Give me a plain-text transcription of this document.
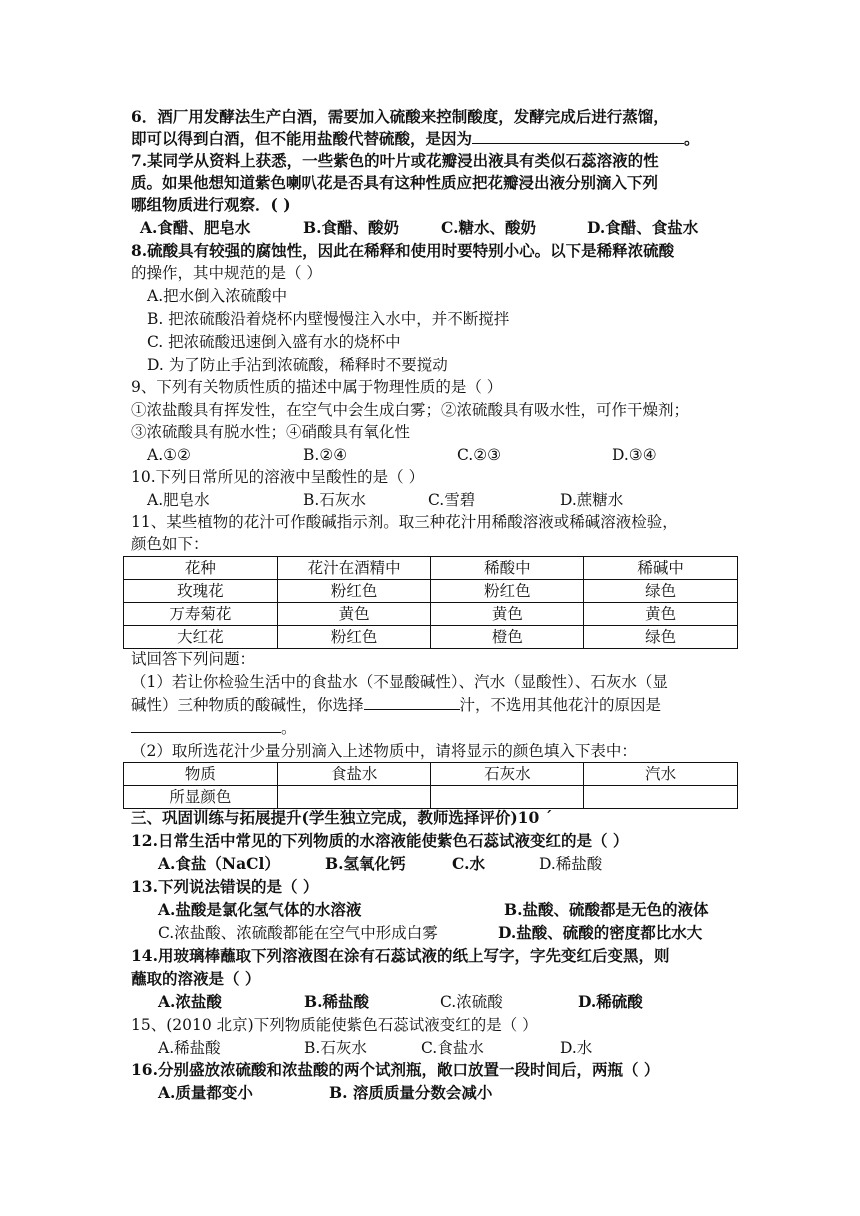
6．酒厂用发酵法生产白酒，需要加入硫酸来控制酸度，发酵完成后进行蒸馏，
即可以得到白酒，但不能用盐酸代替硫酸，是因为	。
7.某同学从资料上获悉，一些紫色的叶片或花瓣浸出液具有类似石蕊溶液的性
质。如果他想知道紫色喇叭花是否具有这种性质应把花瓣浸出液分别滴入下列
哪组物质进行观察．( )
A.食醋、肥皂水	B.食醋、酸奶	C.糖水、酸奶	D.食醋、食盐水
8.硫酸具有较强的腐蚀性，因此在稀释和使用时要特别小心。以下是稀释浓硫酸
的操作，其中规范的是（ ）
A.把水倒入浓硫酸中
B. 把浓硫酸沿着烧杯内壁慢慢注入水中，并不断搅拌
C. 把浓硫酸迅速倒入盛有水的烧杯中
D. 为了防止手沾到浓硫酸，稀释时不要搅动
9、下列有关物质性质的描述中属于物理性质的是（ ）
①浓盐酸具有挥发性，在空气中会生成白雾；②浓硫酸具有吸水性，可作干燥剂；
③浓硫酸具有脱水性；④硝酸具有氧化性
A.①②	B.②④	C.②③	D.③④
10.下列日常所见的溶液中呈酸性的是（ ）
A.肥皂水	B.石灰水	C.雪碧	D.蔗糖水
11、某些植物的花汁可作酸碱指示剂。取三种花汁用稀酸溶液或稀碱溶液检验，
颜色如下：
花种	花汁在酒精中	稀酸中	稀碱中
玫瑰花	粉红色	粉红色	绿色
万寿菊花	黄色	黄色	黄色
大红花	粉红色	橙色	绿色
试回答下列问题：
（1）若让你检验生活中的食盐水（不显酸碱性）、汽水（显酸性）、石灰水（显
碱性）三种物质的酸碱性，你选择	汁，不选用其他花汁的原因是
。
（2）取所选花汁少量分别滴入上述物质中，请将显示的颜色填入下表中：
物质	食盐水	石灰水	汽水
所显颜色			
三、巩固训练与拓展提升(学生独立完成，教师选择评价)10 ´
12.日常生活中常见的下列物质的水溶液能使紫色石蕊试液变红的是（ ）
A.食盐（NaCl）	B.氢氧化钙	C.水	D.稀盐酸
13.下列说法错误的是（ ）
A.盐酸是氯化氢气体的水溶液	B.盐酸、硫酸都是无色的液体
C.浓盐酸、浓硫酸都能在空气中形成白雾	D.盐酸、硫酸的密度都比水大
14.用玻璃棒蘸取下列溶液图在涂有石蕊试液的纸上写字，字先变红后变黑，则
蘸取的溶液是（ ）
A.浓盐酸	B.稀盐酸	C.浓硫酸	D.稀硫酸
15、(2010 北京)下列物质能使紫色石蕊试液变红的是（ ）
A.稀盐酸	B.石灰水	C.食盐水	D.水
16.分别盛放浓硫酸和浓盐酸的两个试剂瓶，敞口放置一段时间后，两瓶（ ）
A.质量都变小	B. 溶质质量分数会减小
